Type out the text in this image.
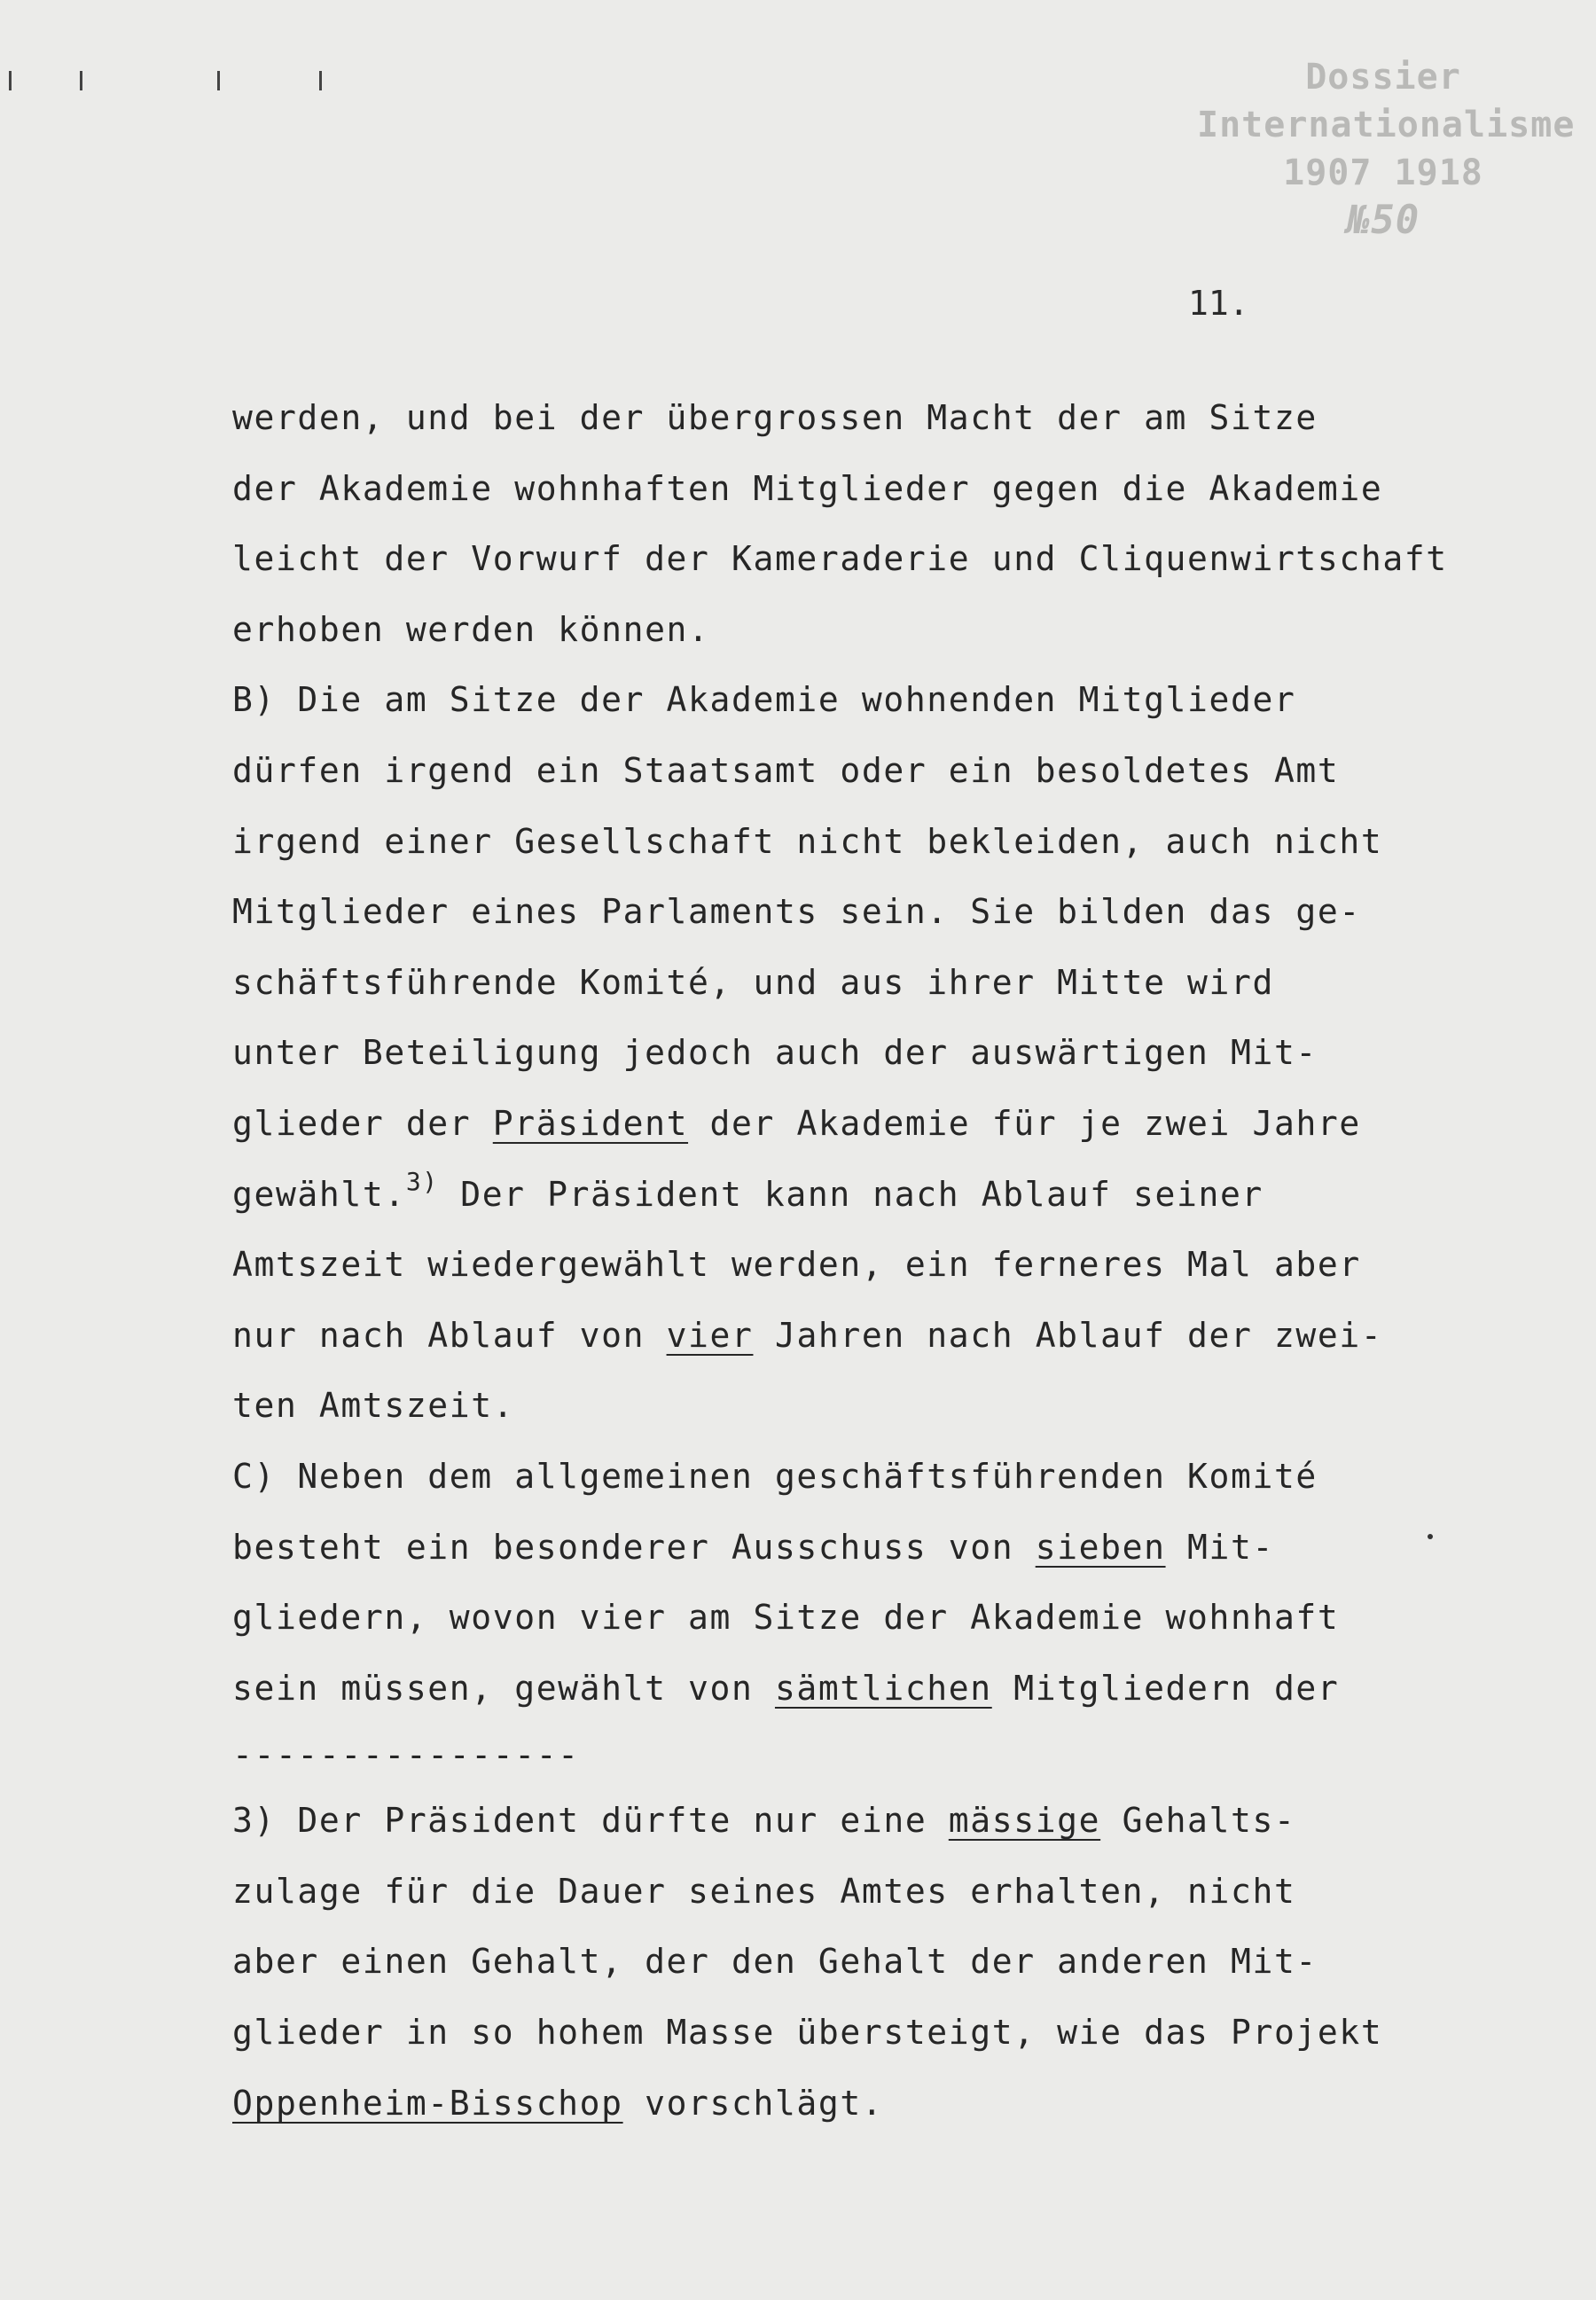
Dossier
Internationalisme
1907 1918
№50
11.
werden, und bei der übergrossen Macht der am Sitze
der Akademie wohnhaften Mitglieder gegen die Akademie
leicht der Vorwurf der Kameraderie und Cliquenwirtschaft
erhoben werden können.
B) Die am Sitze der Akademie wohnenden Mitglieder
dürfen irgend ein Staatsamt oder ein besoldetes Amt
irgend einer Gesellschaft nicht bekleiden, auch nicht
Mitglieder eines Parlaments sein. Sie bilden das ge-
schäftsführende Komité, und aus ihrer Mitte wird
unter Beteiligung jedoch auch der auswärtigen Mit-
glieder der Präsident der Akademie für je zwei Jahre
gewählt.$^{3)}$ Der Präsident kann nach Ablauf seiner
Amtszeit wiedergewählt werden, ein ferneres Mal aber
nur nach Ablauf von vier Jahren nach Ablauf der zwei-
ten Amtszeit.
C) Neben dem allgemeinen geschäftsführenden Komité
besteht ein besonderer Ausschuss von sieben Mit-
gliedern, wovon vier am Sitze der Akademie wohnhaft
sein müssen, gewählt von sämtlichen Mitgliedern der
----------------
3) Der Präsident dürfte nur eine mässige Gehalts-
zulage für die Dauer seines Amtes erhalten, nicht
aber einen Gehalt, der den Gehalt der anderen Mit-
glieder in so hohem Masse übersteigt, wie das Projekt
Oppenheim-Bisschop vorschlägt.
